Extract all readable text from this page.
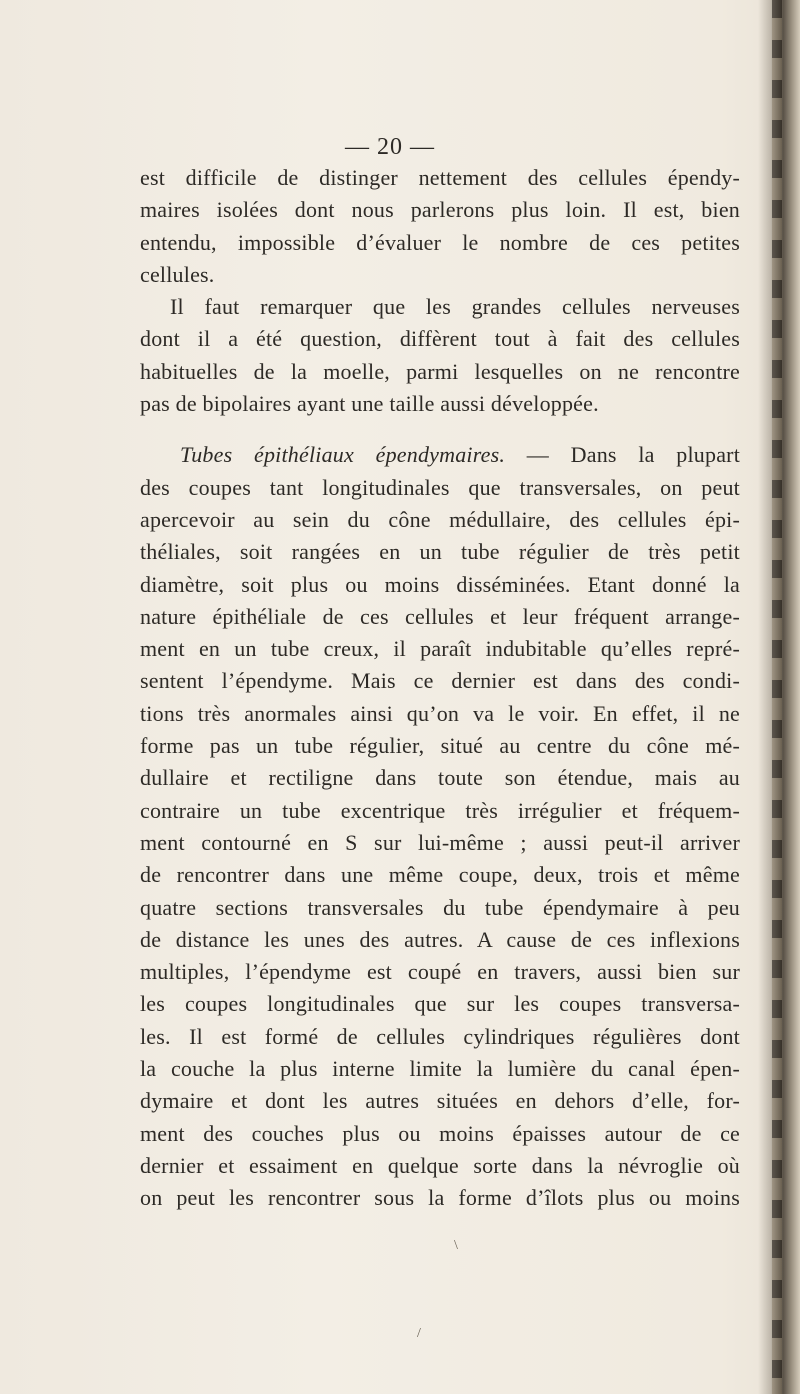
— 20 —
est difficile de distinger nettement des cellules épendy-
maires isolées dont nous parlerons plus loin. Il est, bien
entendu, impossible d’évaluer le nombre de ces petites
cellules.
Il faut remarquer que les grandes cellules nerveuses
dont il a été question, diffèrent tout à fait des cellules
habituelles de la moelle, parmi lesquelles on ne rencontre
pas de bipolaires ayant une taille aussi développée.
Tubes épithéliaux épendymaires. — Dans la plupart
des coupes tant longitudinales que transversales, on peut
apercevoir au sein du cône médullaire, des cellules épi-
théliales, soit rangées en un tube régulier de très petit
diamètre, soit plus ou moins disséminées. Etant donné la
nature épithéliale de ces cellules et leur fréquent arrange-
ment en un tube creux, il paraît indubitable qu’elles repré-
sentent l’épendyme. Mais ce dernier est dans des condi-
tions très anormales ainsi qu’on va le voir. En effet, il ne
forme pas un tube régulier, situé au centre du cône mé-
dullaire et rectiligne dans toute son étendue, mais au
contraire un tube excentrique très irrégulier et fréquem-
ment contourné en S sur lui-même ; aussi peut-il arriver
de rencontrer dans une même coupe, deux, trois et même
quatre sections transversales du tube épendymaire à peu
de distance les unes des autres. A cause de ces inflexions
multiples, l’épendyme est coupé en travers, aussi bien sur
les coupes longitudinales que sur les coupes transversa-
les. Il est formé de cellules cylindriques régulières dont
la couche la plus interne limite la lumière du canal épen-
dymaire et dont les autres situées en dehors d’elle, for-
ment des couches plus ou moins épaisses autour de ce
dernier et essaiment en quelque sorte dans la névroglie où
on peut les rencontrer sous la forme d’îlots plus ou moins
\
/
